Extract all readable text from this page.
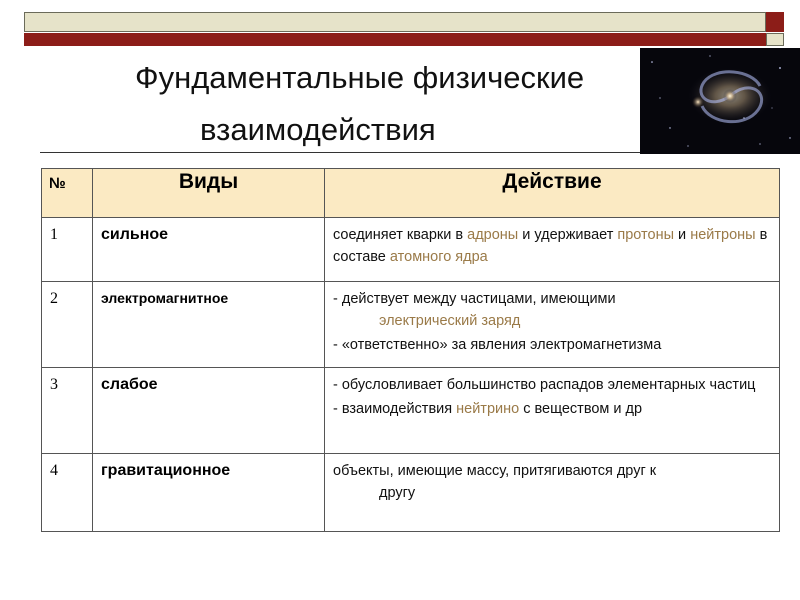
Фундаментальные физические
взаимодействия
№	Виды	Действие
1	сильное	соединяет кварки в адроны и удерживает протоны и нейтроны в составе атомного ядра
2	электромагнитное	- действует между частицами, имеющими
электрический заряд
- «ответственно» за явления электромагнетизма

3	слабое	- обусловливает большинство распадов элементарных частиц
- взаимодействия нейтрино с веществом и др

4	гравитационное	объекты, имеющие массу, притягиваются друг к
другу
